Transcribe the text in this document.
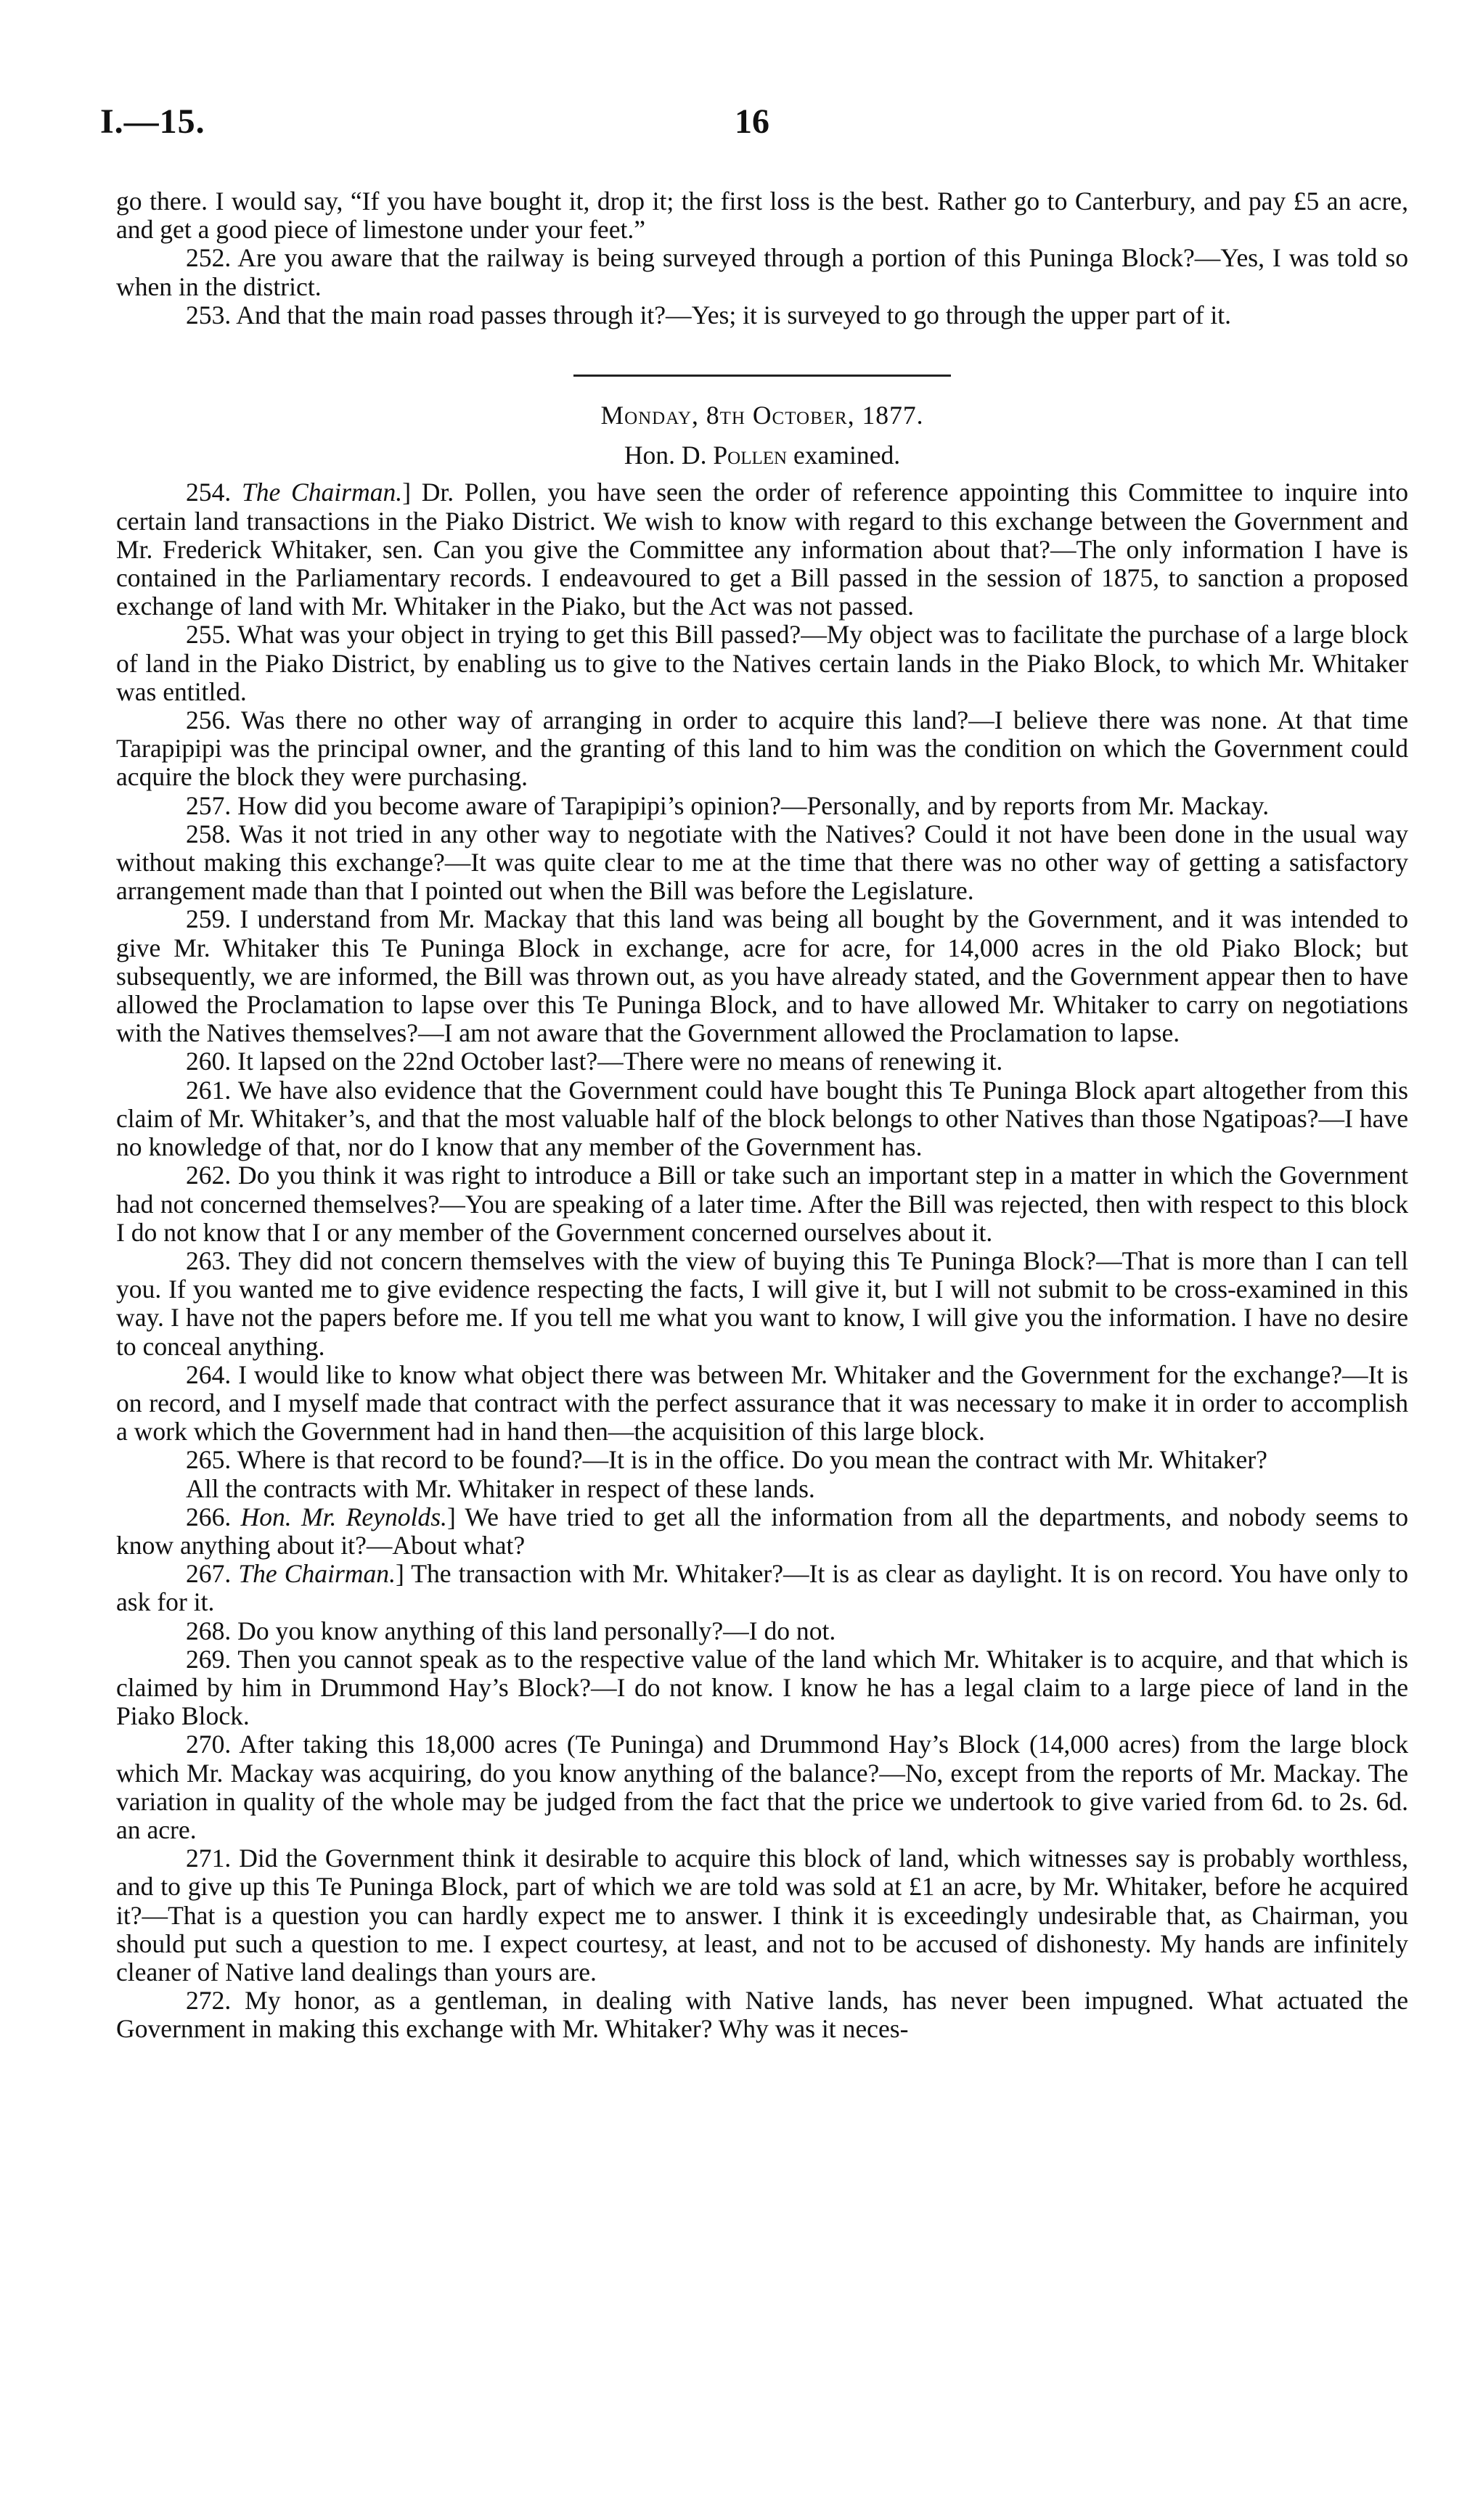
I.—15.	16

go there. I would say, “If you have bought it, drop it; the first loss is the best. Rather go to Canterbury, and pay £5 an acre, and get a good piece of limestone under your feet.”

252. Are you aware that the railway is being surveyed through a portion of this Puninga Block?—Yes, I was told so when in the district.

253. And that the main road passes through it?—Yes; it is surveyed to go through the upper part of it.

Monday, 8th October, 1877.

Hon. D. Pollen examined.

254. The Chairman.] Dr. Pollen, you have seen the order of reference appointing this Committee to inquire into certain land transactions in the Piako District. We wish to know with regard to this exchange between the Government and Mr. Frederick Whitaker, sen. Can you give the Committee any information about that?—The only information I have is contained in the Parliamentary records. I endeavoured to get a Bill passed in the session of 1875, to sanction a proposed exchange of land with Mr. Whitaker in the Piako, but the Act was not passed.

255. What was your object in trying to get this Bill passed?—My object was to facilitate the purchase of a large block of land in the Piako District, by enabling us to give to the Natives certain lands in the Piako Block, to which Mr. Whitaker was entitled.

256. Was there no other way of arranging in order to acquire this land?—I believe there was none. At that time Tarapipipi was the principal owner, and the granting of this land to him was the condition on which the Government could acquire the block they were purchasing.

257. How did you become aware of Tarapipipi’s opinion?—Personally, and by reports from Mr. Mackay.

258. Was it not tried in any other way to negotiate with the Natives? Could it not have been done in the usual way without making this exchange?—It was quite clear to me at the time that there was no other way of getting a satisfactory arrangement made than that I pointed out when the Bill was before the Legislature.

259. I understand from Mr. Mackay that this land was being all bought by the Government, and it was intended to give Mr. Whitaker this Te Puninga Block in exchange, acre for acre, for 14,000 acres in the old Piako Block; but subsequently, we are informed, the Bill was thrown out, as you have already stated, and the Government appear then to have allowed the Proclamation to lapse over this Te Puninga Block, and to have allowed Mr. Whitaker to carry on negotiations with the Natives themselves?—I am not aware that the Government allowed the Proclamation to lapse.

260. It lapsed on the 22nd October last?—There were no means of renewing it.

261. We have also evidence that the Government could have bought this Te Puninga Block apart altogether from this claim of Mr. Whitaker’s, and that the most valuable half of the block belongs to other Natives than those Ngatipoas?—I have no knowledge of that, nor do I know that any member of the Government has.

262. Do you think it was right to introduce a Bill or take such an important step in a matter in which the Government had not concerned themselves?—You are speaking of a later time. After the Bill was rejected, then with respect to this block I do not know that I or any member of the Government concerned ourselves about it.

263. They did not concern themselves with the view of buying this Te Puninga Block?—That is more than I can tell you. If you wanted me to give evidence respecting the facts, I will give it, but I will not submit to be cross-examined in this way. I have not the papers before me. If you tell me what you want to know, I will give you the information. I have no desire to conceal anything.

264. I would like to know what object there was between Mr. Whitaker and the Government for the exchange?—It is on record, and I myself made that contract with the perfect assurance that it was necessary to make it in order to accomplish a work which the Government had in hand then—the acquisition of this large block.

265. Where is that record to be found?—It is in the office. Do you mean the contract with Mr. Whitaker?

All the contracts with Mr. Whitaker in respect of these lands.

266. Hon. Mr. Reynolds.] We have tried to get all the information from all the departments, and nobody seems to know anything about it?—About what?

267. The Chairman.] The transaction with Mr. Whitaker?—It is as clear as daylight. It is on record. You have only to ask for it.

268. Do you know anything of this land personally?—I do not.

269. Then you cannot speak as to the respective value of the land which Mr. Whitaker is to acquire, and that which is claimed by him in Drummond Hay’s Block?—I do not know. I know he has a legal claim to a large piece of land in the Piako Block.

270. After taking this 18,000 acres (Te Puninga) and Drummond Hay’s Block (14,000 acres) from the large block which Mr. Mackay was acquiring, do you know anything of the balance?—No, except from the reports of Mr. Mackay. The variation in quality of the whole may be judged from the fact that the price we undertook to give varied from 6d. to 2s. 6d. an acre.

271. Did the Government think it desirable to acquire this block of land, which witnesses say is probably worthless, and to give up this Te Puninga Block, part of which we are told was sold at £1 an acre, by Mr. Whitaker, before he acquired it?—That is a question you can hardly expect me to answer. I think it is exceedingly undesirable that, as Chairman, you should put such a question to me. I expect courtesy, at least, and not to be accused of dishonesty. My hands are infinitely cleaner of Native land dealings than yours are.

272. My honor, as a gentleman, in dealing with Native lands, has never been impugned. What actuated the Government in making this exchange with Mr. Whitaker? Why was it neces-
